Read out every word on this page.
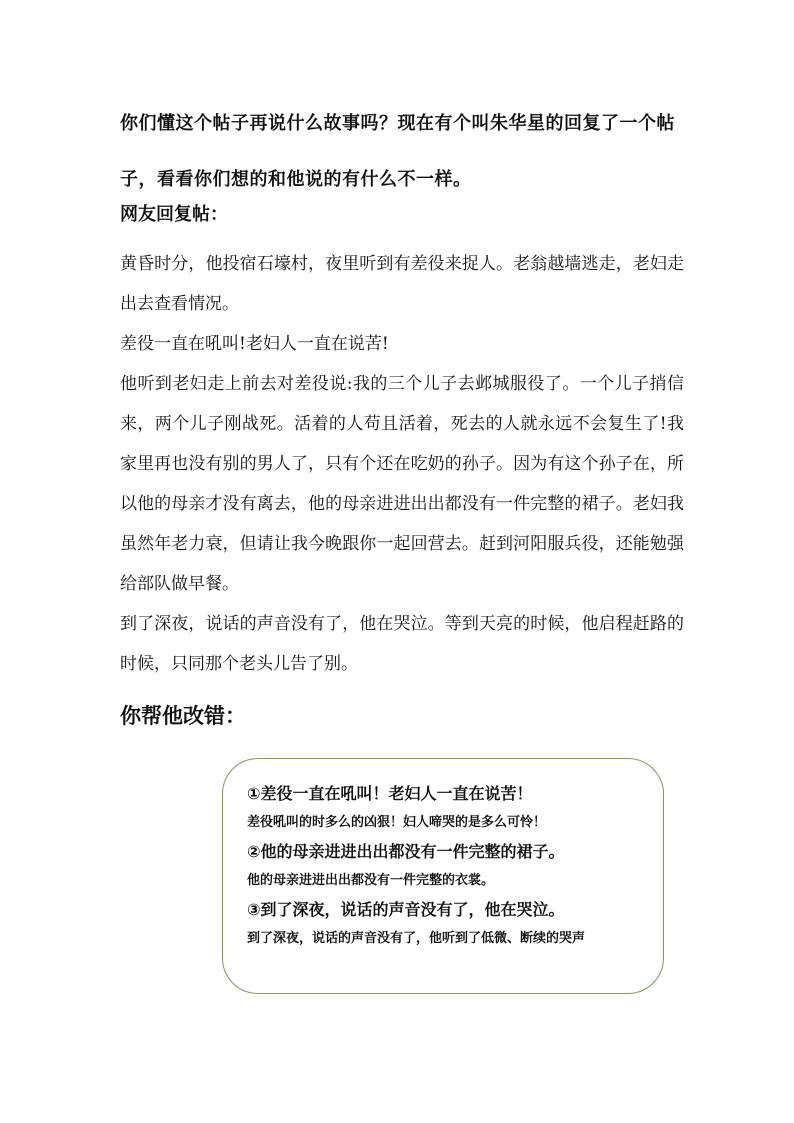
你们懂这个帖子再说什么故事吗？现在有个叫朱华星的回复了一个帖子，看看你们想的和他说的有什么不一样。

网友回复帖：

黄昏时分，他投宿石壕村，夜里听到有差役来捉人。老翁越墙逃走，老妇走出去查看情况。

差役一直在吼叫!老妇人一直在说苦!

他听到老妇走上前去对差役说:我的三个儿子去邺城服役了。一个儿子捎信来，两个儿子刚战死。活着的人苟且活着，死去的人就永远不会复生了!我家里再也没有别的男人了，只有个还在吃奶的孙子。因为有这个孙子在，所以他的母亲才没有离去，他的母亲进进出出都没有一件完整的裙子。老妇我虽然年老力衰，但请让我今晚跟你一起回营去。赶到河阳服兵役，还能勉强给部队做早餐。

到了深夜，说话的声音没有了，他在哭泣。等到天亮的时候，他启程赶路的时候，只同那个老头儿告了别。

你帮他改错：

①差役一直在吼叫！老妇人一直在说苦！

差役吼叫的时多么的凶狠！妇人啼哭的是多么可怜！

②他的母亲进进出出都没有一件完整的裙子。

他的母亲进进出出都没有一件完整的衣裳。

③到了深夜，说话的声音没有了，他在哭泣。

到了深夜，说话的声音没有了，他听到了低微、断续的哭声
